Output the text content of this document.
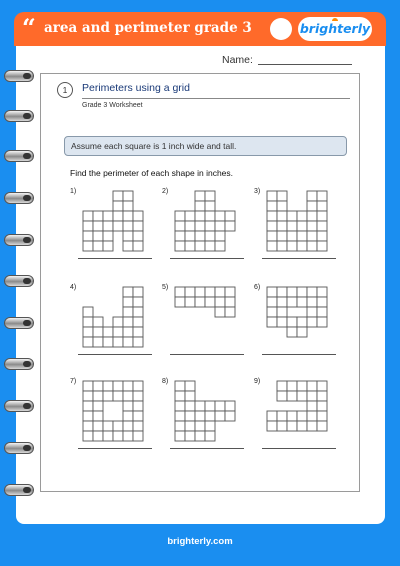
“ area and perimeter grade 3	brighterly
Name:
1	Perimeters using a grid
Grade 3 Worksheet
Assume each square is 1 inch wide and tall.
Find the perimeter of each shape in inches.
1)	2)	3)
4)	5)	6)
7)	8)	9)
brighterly.com
